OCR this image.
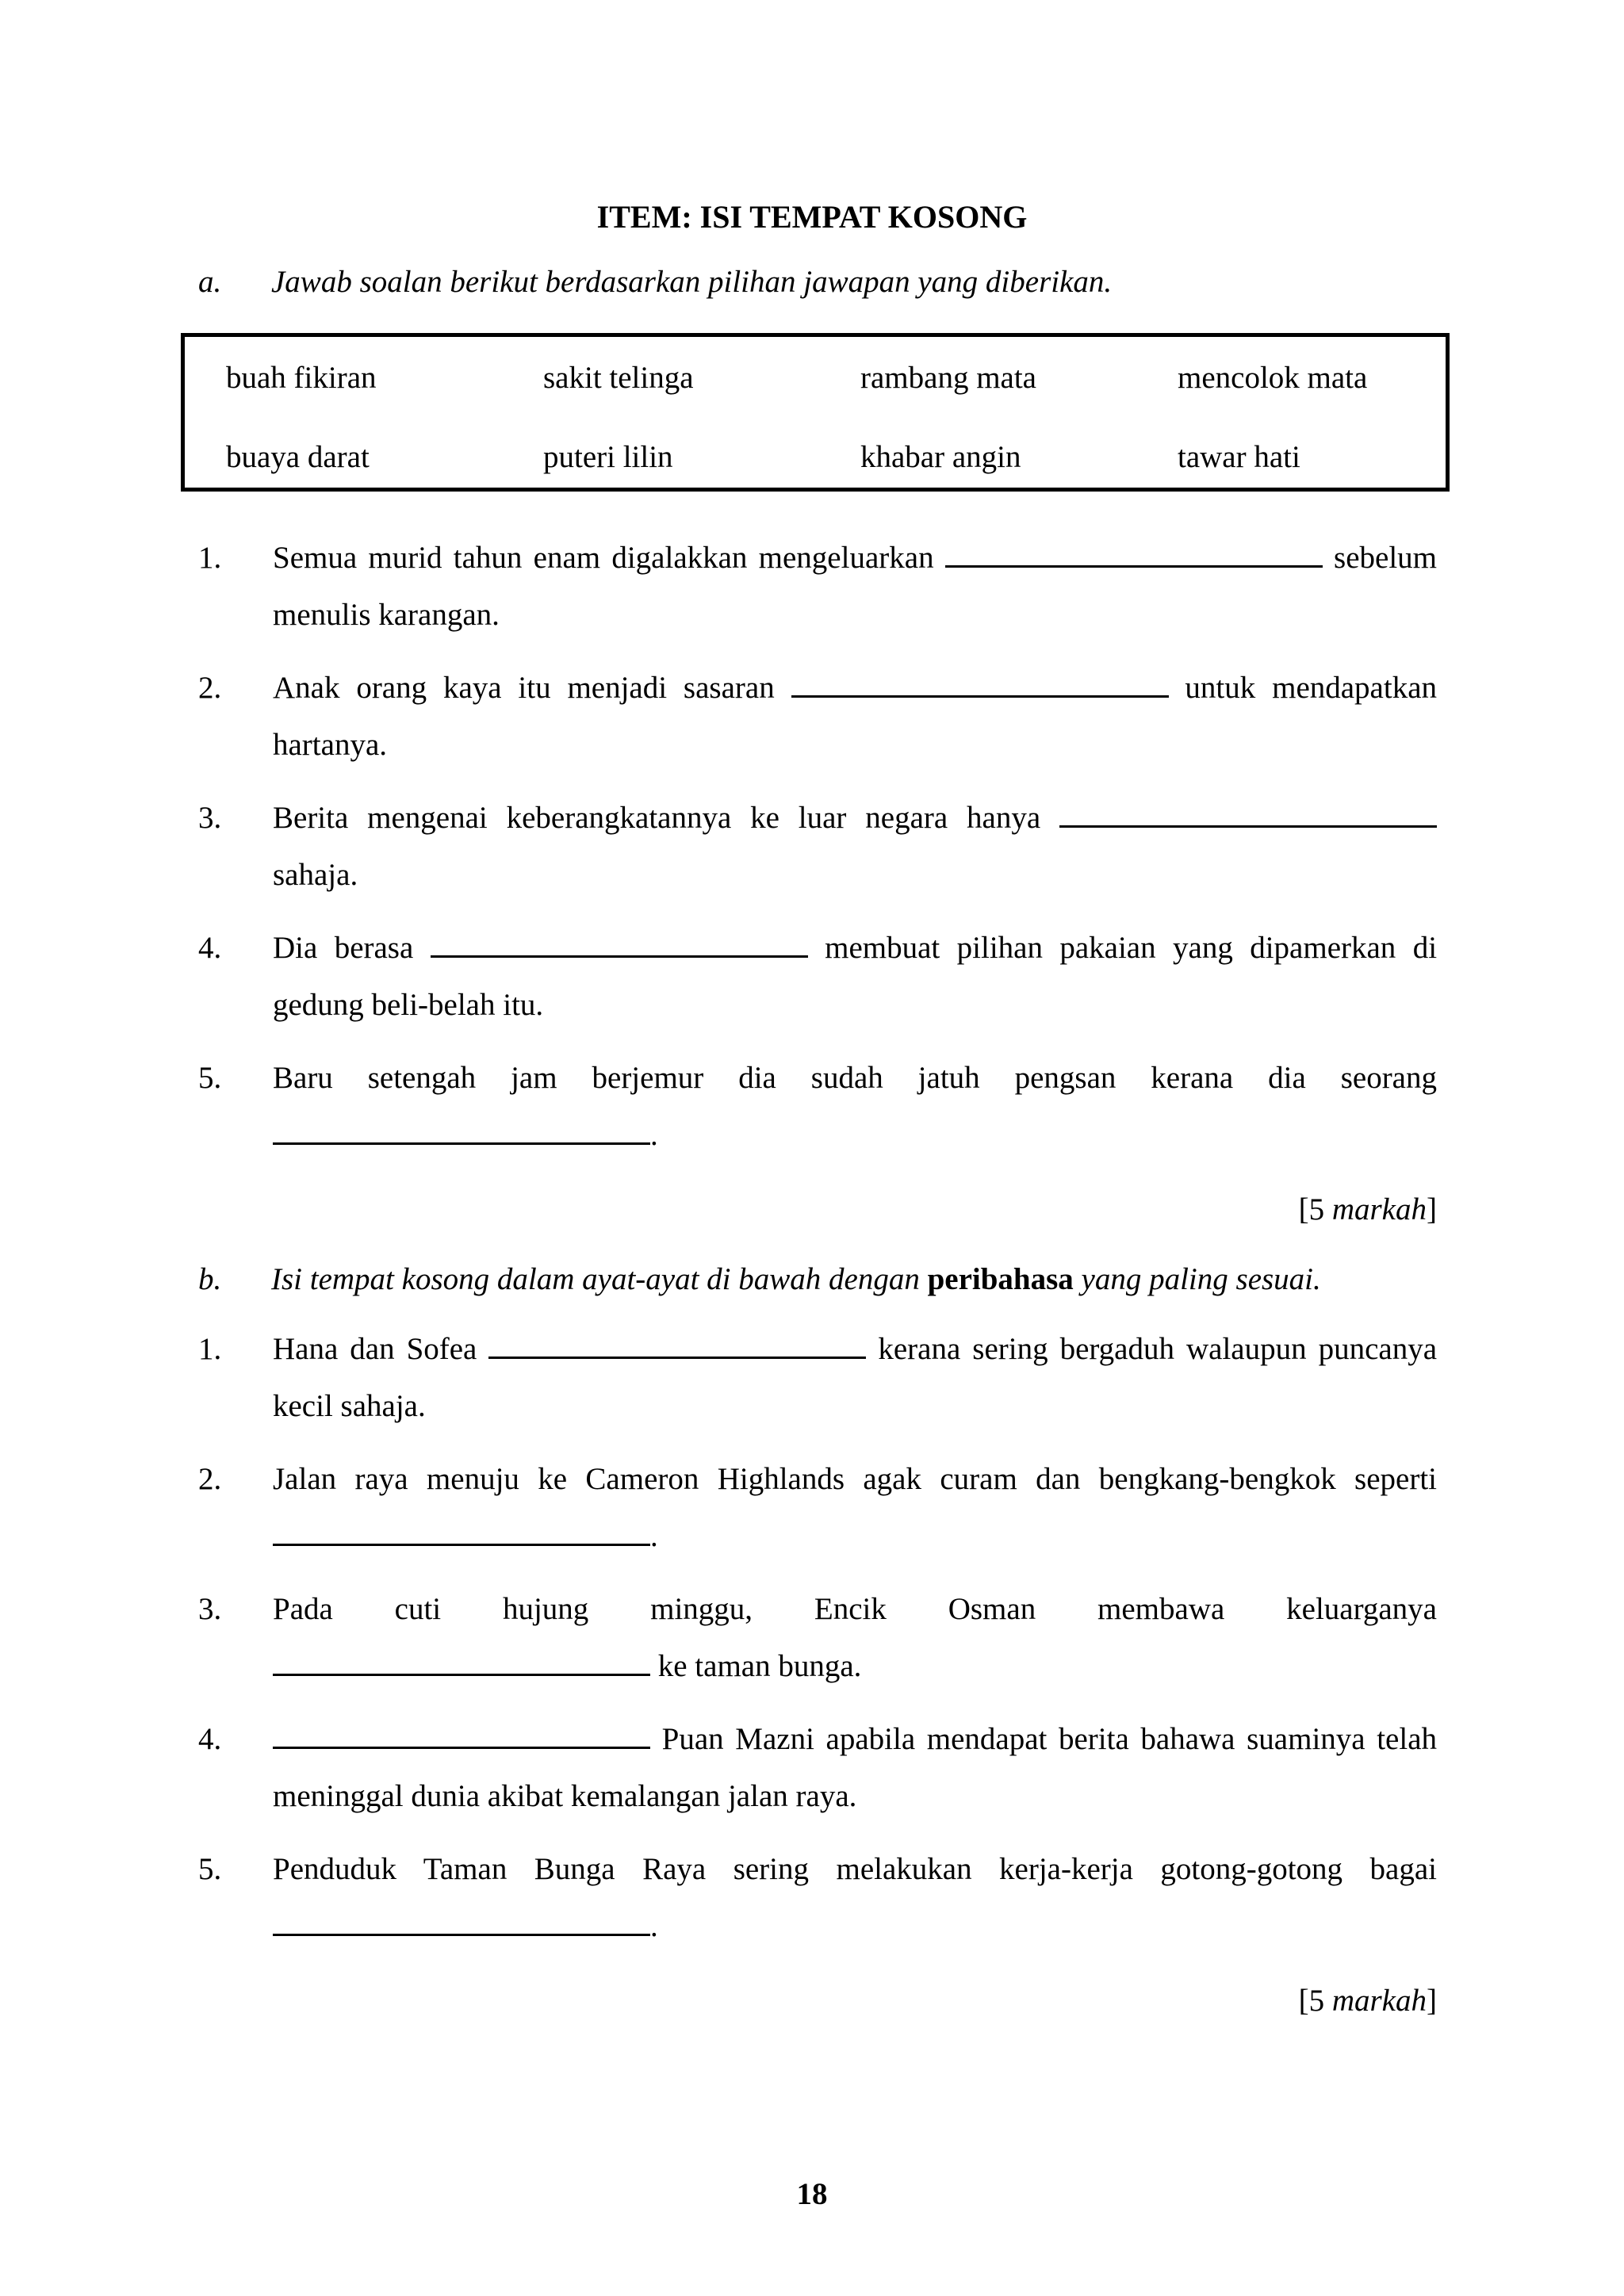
ITEM: ISI TEMPAT KOSONG
a. Jawab soalan berikut berdasarkan pilihan jawapan yang diberikan.
buah fikiran	sakit telinga	rambang mata	mencolok mata
buaya darat	puteri lilin	khabar angin	tawar hati
1. Semua murid tahun enam digalakkan mengeluarkan	sebelum menulis karangan.
2. Anak orang kaya itu menjadi sasaran	untuk mendapatkan hartanya.
3. Berita mengenai keberangkatannya ke luar negara hanya  sahaja.
4. Dia berasa	membuat pilihan pakaian yang dipamerkan di gedung beli-belah itu.
5. Baru setengah jam berjemur dia sudah jatuh pengsan kerana dia seorang .
[5 markah]
b. Isi tempat kosong dalam ayat-ayat di bawah dengan peribahasa yang paling sesuai.
1. Hana dan Sofea	kerana sering bergaduh walaupun puncanya kecil sahaja.
2. Jalan raya menuju ke Cameron Highlands agak curam dan bengkang-bengkok seperti .
3. Pada cuti hujung minggu, Encik Osman membawa keluarganya  ke taman bunga.
4.	Puan Mazni apabila mendapat berita bahawa suaminya telah meninggal dunia akibat kemalangan jalan raya.
5. Penduduk Taman Bunga Raya sering melakukan kerja-kerja gotong-gotong bagai .
[5 markah]
18
